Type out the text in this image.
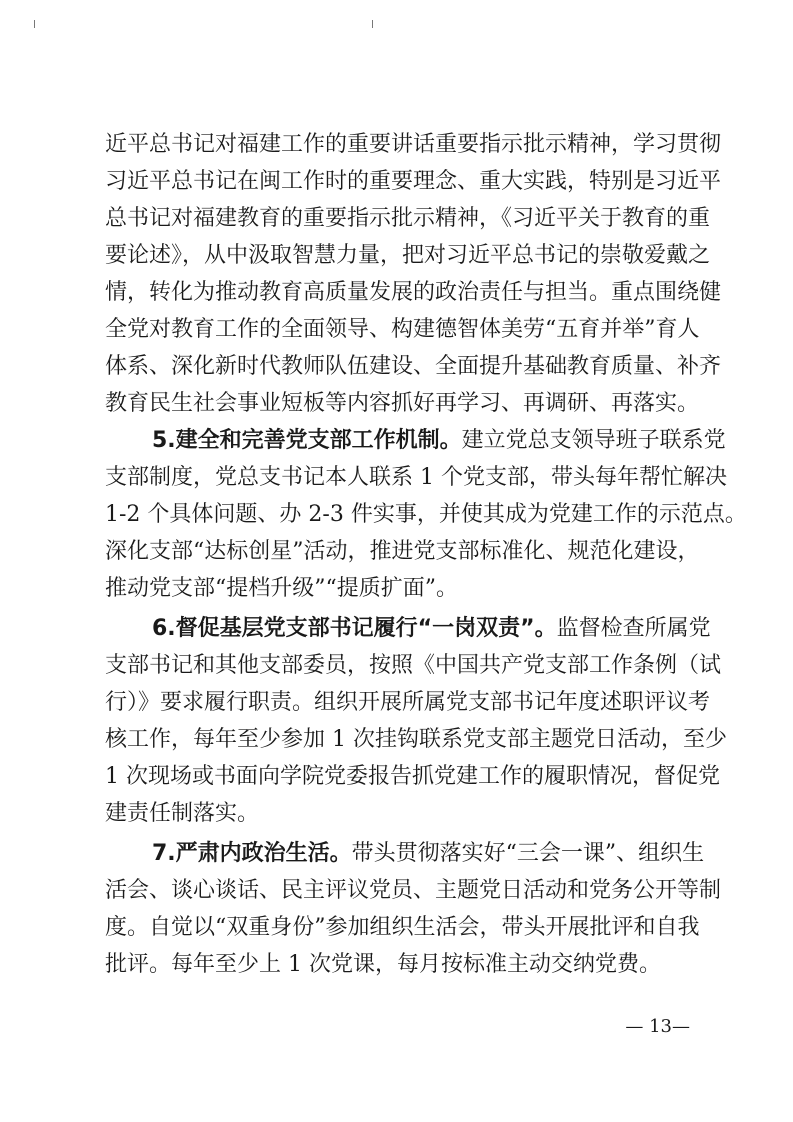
近平总书记对福建工作的重要讲话重要指示批示精神，学习贯彻
习近平总书记在闽工作时的重要理念、重大实践，特别是习近平
总书记对福建教育的重要指示批示精神，《习近平关于教育的重
要论述》，从中汲取智慧力量，把对习近平总书记的崇敬爱戴之
情，转化为推动教育高质量发展的政治责任与担当。重点围绕健
全党对教育工作的全面领导、构建德智体美劳“五育并举”育人
体系、深化新时代教师队伍建设、全面提升基础教育质量、补齐
教育民生社会事业短板等内容抓好再学习、再调研、再落实。
5.建全和完善党支部工作机制。建立党总支领导班子联系党
支部制度，党总支书记本人联系 1 个党支部，带头每年帮忙解决
1-2 个具体问题、办 2-3 件实事，并使其成为党建工作的示范点。
深化支部“达标创星”活动，推进党支部标准化、规范化建设，
推动党支部“提档升级”“提质扩面”。
6.督促基层党支部书记履行“一岗双责”。监督检查所属党
支部书记和其他支部委员，按照《中国共产党支部工作条例（试
行）》要求履行职责。组织开展所属党支部书记年度述职评议考
核工作，每年至少参加 1 次挂钩联系党支部主题党日活动，至少
1 次现场或书面向学院党委报告抓党建工作的履职情况，督促党
建责任制落实。
7.严肃内政治生活。带头贯彻落实好“三会一课”、组织生
活会、谈心谈话、民主评议党员、主题党日活动和党务公开等制
度。自觉以“双重身份”参加组织生活会，带头开展批评和自我
批评。每年至少上 1 次党课，每月按标准主动交纳党费。
— 13—
